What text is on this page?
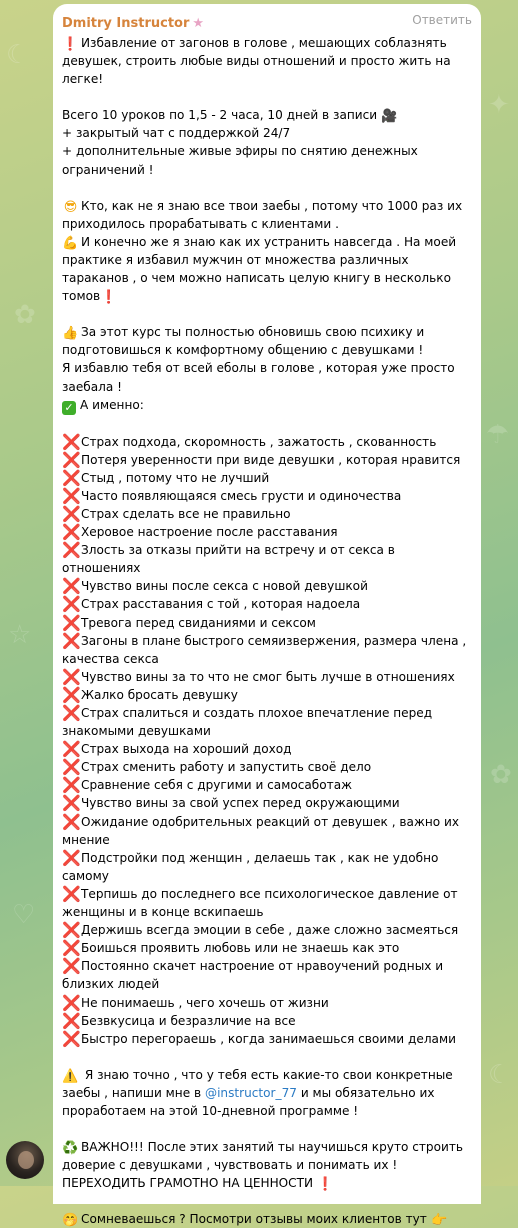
☾
✿
☆
♡
✦
☂
✿
☾
Dmitry Instructor ★	Ответить

❗ Избавление от загонов в голове , мешающих соблазнять девушек, строить любые виды отношений и просто жить на легке!

Всего 10 уроков по 1,5 - 2 часа, 10 дней в записи 🎥

+ закрытый чат с поддержкой 24/7

+ дополнительные живые эфиры по снятию денежных ограничений !

😎 Кто, как не я знаю все твои заебы , потому что 1000 раз их приходилось прорабатывать с клиентами .

💪 И конечно же я знаю как их устранить навсегда . На моей практике я избавил мужчин от множества различных тараканов , о чем можно написать целую книгу в несколько томов❗

👍 За этот курс ты полностью обновишь свою психику и подготовишься к комфортному общению с девушками !

Я избавлю тебя от всей еболы в голове , которая уже просто заебала !

✓ А именно:

❌Страх подхода, скоромность , зажатость , скованность

❌Потеря уверенности при виде девушки , которая нравится

❌Стыд , потому что не лучший

❌Часто появляющаяся смесь грусти и одиночества

❌Страх сделать все не правильно

❌Херовое настроение после расставания

❌Злость за отказы прийти на встречу и от секса в отношениях

❌Чувство вины после секса с новой девушкой

❌Страх расставания с той , которая надоела

❌Тревога перед свиданиями и сексом

❌Загоны в плане быстрого семяизвержения, размера члена , качества секса

❌Чувство вины за то что не смог быть лучше в отношениях

❌Жалко бросать девушку

❌Страх спалиться и создать плохое впечатление перед знакомыми девушками

❌Страх выхода на хороший доход

❌Страх сменить работу и запустить своё дело

❌Сравнение себя с другими и самосаботаж

❌Чувство вины за свой успех перед окружающими

❌Ожидание одобрительных реакций от девушек , важно их мнение

❌Подстройки под женщин , делаешь так , как не удобно самому

❌Терпишь до последнего все психологическое давление от женщины и в конце вскипаешь

❌Держишь всегда эмоции в себе , даже сложно засмеяться

❌Боишься проявить любовь или не знаешь как это

❌Постоянно скачет настроение от нравоучений родных и близких людей

❌Не понимаешь , чего хочешь от жизни

❌Безвкусица и безразличие на все

❌Быстро перегораешь , когда занимаешься своими делами

⚠️ Я знаю точно , что у тебя есть какие-то свои конкретные заебы , напиши мне в @instructor_77 и мы обязательно их проработаем на этой 10-дневной программе !

♻️ ВАЖНО!!! После этих занятий ты научишься круто строить доверие с девушками , чувствовать и понимать их !

ПЕРЕХОДИТЬ ГРАМОТНО НА ЦЕННОСТИ ❗

🤭 Сомневаешься ? Посмотри отзывы моих клиентов тут 👉
